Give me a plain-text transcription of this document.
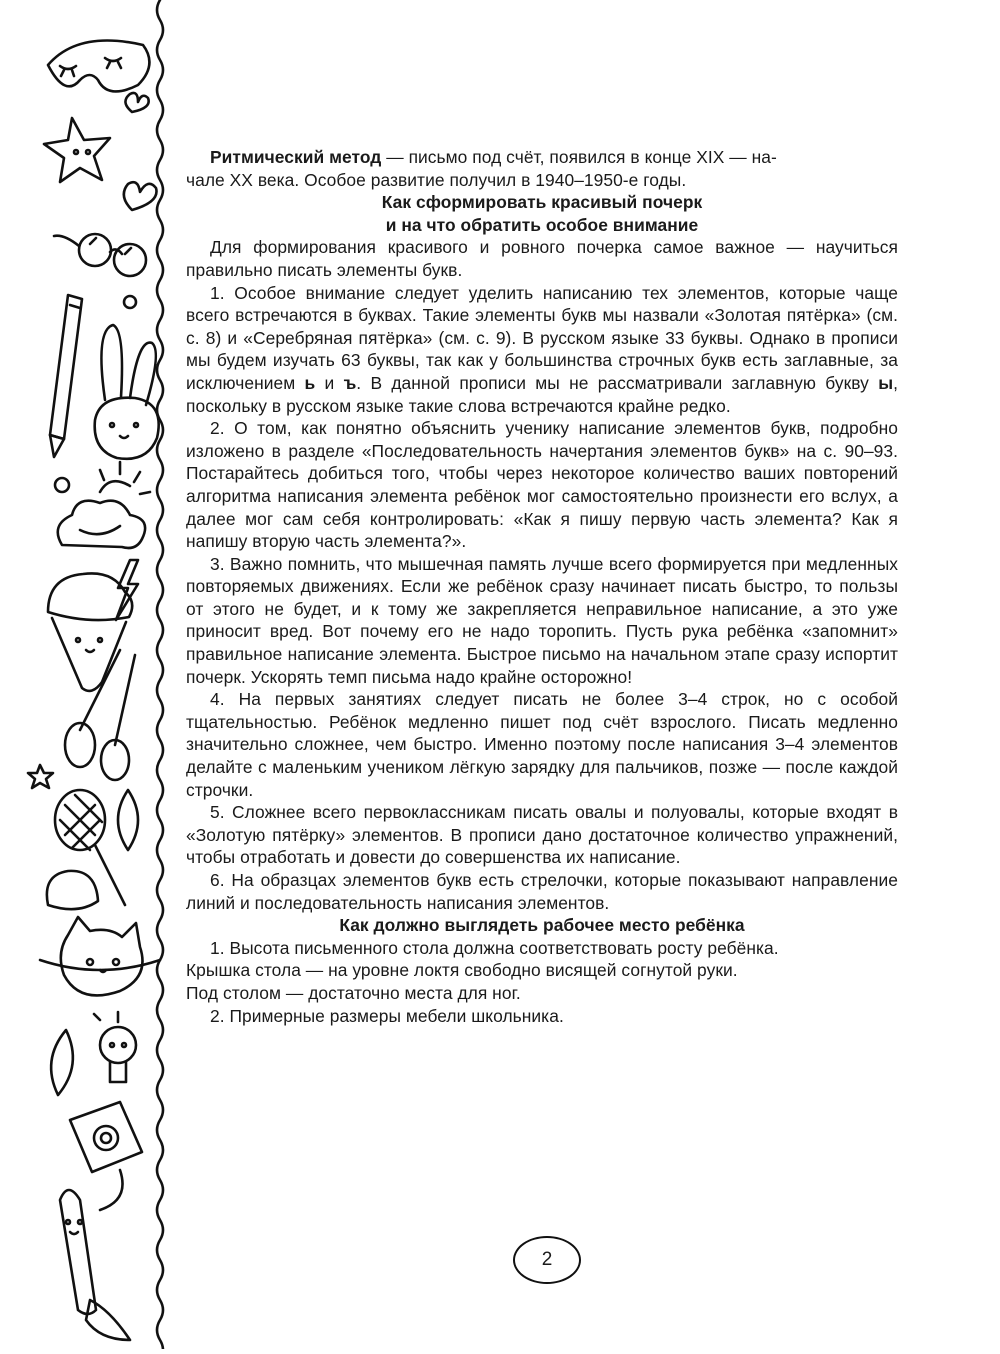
Ритмический метод — письмо под счёт, появился в конце XIX — на-
чале XX века. Особое развитие получил в 1940–1950-е годы.

Как сформировать красивый почерк
и на что обратить особое внимание

Для формирования красивого и ровного почерка самое важное — научиться правильно писать элементы букв.

1. Особое внимание следует уделить написанию тех элементов, которые чаще всего встречаются в буквах. Такие элементы букв мы назвали «Золотая пятёрка» (см. с. 8) и «Серебряная пятёрка» (см. с. 9). В русском языке 33 буквы. Однако в прописи мы будем изучать 63 буквы, так как у большинства строчных букв есть заглавные, за исключением ь и ъ. В данной прописи мы не рассматривали заглавную букву ы, поскольку в русском языке такие слова встречаются крайне редко.

2. О том, как понятно объяснить ученику написание элементов букв, подробно изложено в разделе «Последовательность начертания элементов букв» на с. 90–93. Постарайтесь добиться того, чтобы через некоторое количество ваших повторений алгоритма написания элемента ребёнок мог самостоятельно произнести его вслух, а далее мог сам себя контролировать: «Как я пишу первую часть элемента? Как я напишу вторую часть элемента?».

3. Важно помнить, что мышечная память лучше всего формируется при медленных повторяемых движениях. Если же ребёнок сразу начинает писать быстро, то пользы от этого не будет, и к тому же закрепляется неправильное написание, а это уже приносит вред. Вот почему его не надо торопить. Пусть рука ребёнка «запомнит» правильное написание элемента. Быстрое письмо на начальном этапе сразу испортит почерк. Ускорять темп письма надо крайне осторожно!

4. На первых занятиях следует писать не более 3–4 строк, но с особой тщательностью. Ребёнок медленно пишет под счёт взрослого. Писать медленно значительно сложнее, чем быстро. Именно поэтому после написания 3–4 элементов делайте с маленьким учеником лёгкую зарядку для пальчиков, позже — после каждой строчки.

5. Сложнее всего первоклассникам писать овалы и полуовалы, которые входят в «Золотую пятёрку» элементов. В прописи дано достаточное количество упражнений, чтобы отработать и довести до совершенства их написание.

6. На образцах элементов букв есть стрелочки, которые показывают направление линий и последовательность написания элементов.

Как должно выглядеть рабочее место ребёнка

1. Высота письменного стола должна соответствовать росту ребёнка.

Крышка стола — на уровне локтя свободно висящей согнутой руки.

Под столом — достаточно места для ног.

2. Примерные размеры мебели школьника.

2
